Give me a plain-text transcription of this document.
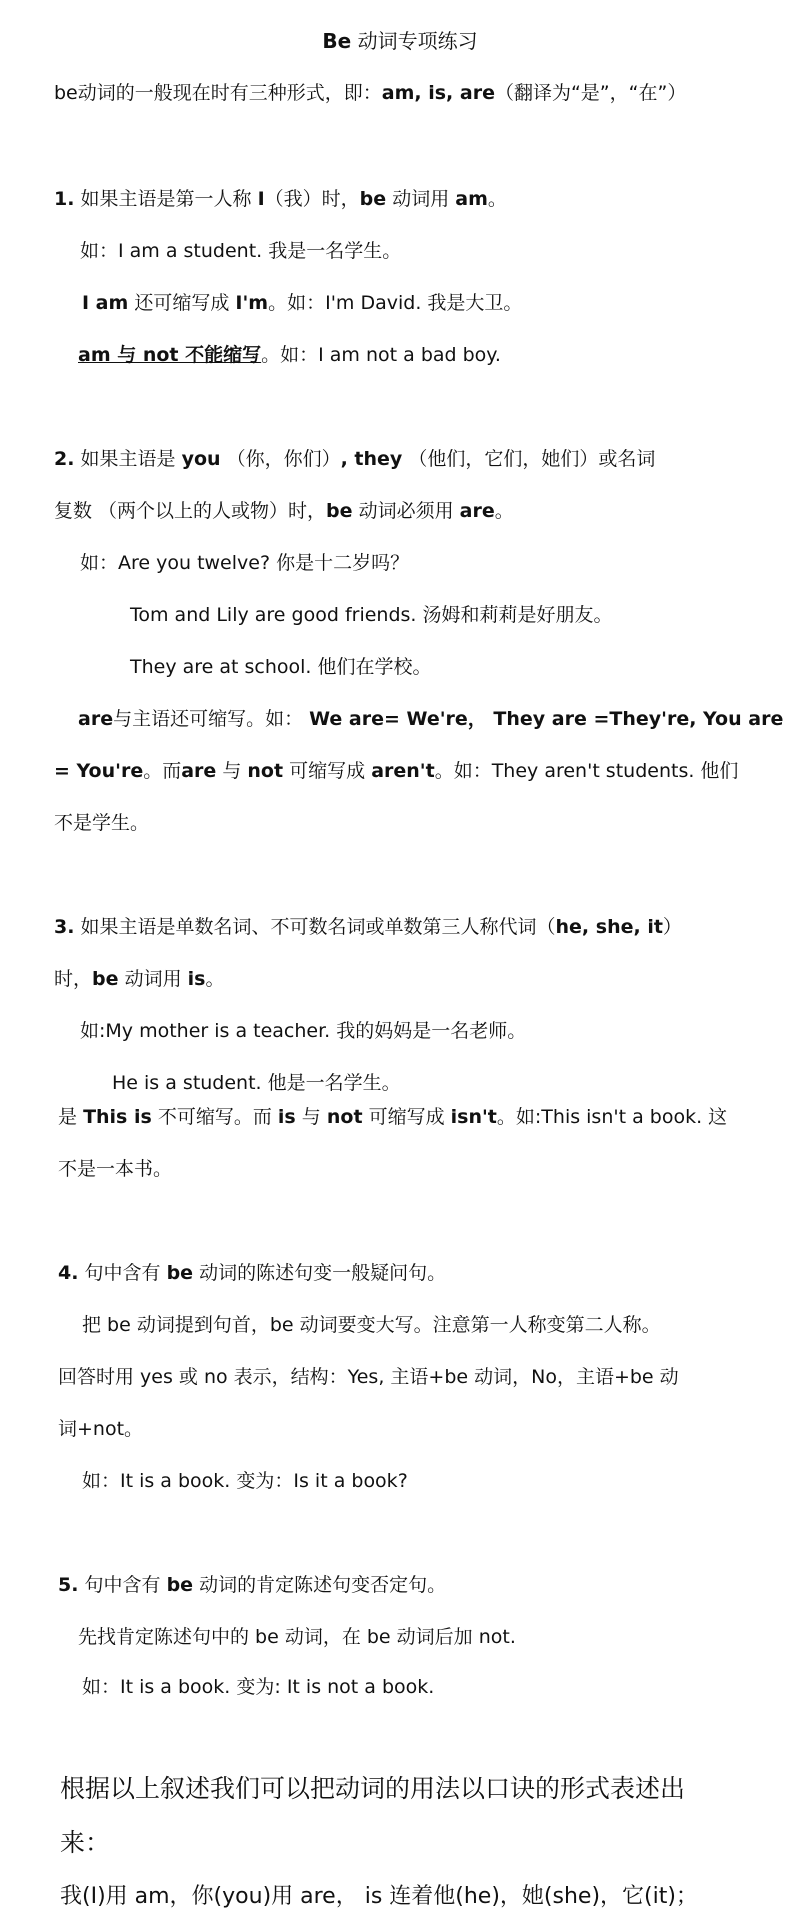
Be 动词专项练习
be动词的一般现在时有三种形式，即：am, is, are（翻译为“是”，“在”）
1. 如果主语是第一人称 I（我）时，be 动词用 am。
如：I am a student. 我是一名学生。
I am 还可缩写成 I'm。如：I'm David. 我是大卫。
am 与 not 不能缩写。如：I am not a bad boy.
2. 如果主语是 you （你，你们）, they （他们，它们，她们）或名词
复数 （两个以上的人或物）时，be 动词必须用 are。
如：Are you twelve? 你是十二岁吗？
Tom and Lily are good friends. 汤姆和莉莉是好朋友。
They are at school. 他们在学校。
are与主语还可缩写。如： We are= We're， They are =They're, You are
= You're。而are 与 not 可缩写成 aren't。如：They aren't students. 他们
不是学生。
3. 如果主语是单数名词、不可数名词或单数第三人称代词（he, she, it）
时，be 动词用 is。
如:My mother is a teacher. 我的妈妈是一名老师。
He is a student. 他是一名学生。
是 This is 不可缩写。而 is 与 not 可缩写成 isn't。如:This isn't a book. 这
不是一本书。
4. 句中含有 be 动词的陈述句变一般疑问句。
把 be 动词提到句首，be 动词要变大写。注意第一人称变第二人称。
回答时用 yes 或 no 表示，结构：Yes, 主语+be 动词，No，主语+be 动
词+not。
如：It is a book. 变为：Is it a book?
5. 句中含有 be 动词的肯定陈述句变否定句。
先找肯定陈述句中的 be 动词，在 be 动词后加 not.
如：It is a book. 变为: It is not a book.
根据以上叙述我们可以把动词的用法以口诀的形式表述出
来：
我(I)用 am，你(you)用 are， is 连着他(he)，她(she)，它(it)；
